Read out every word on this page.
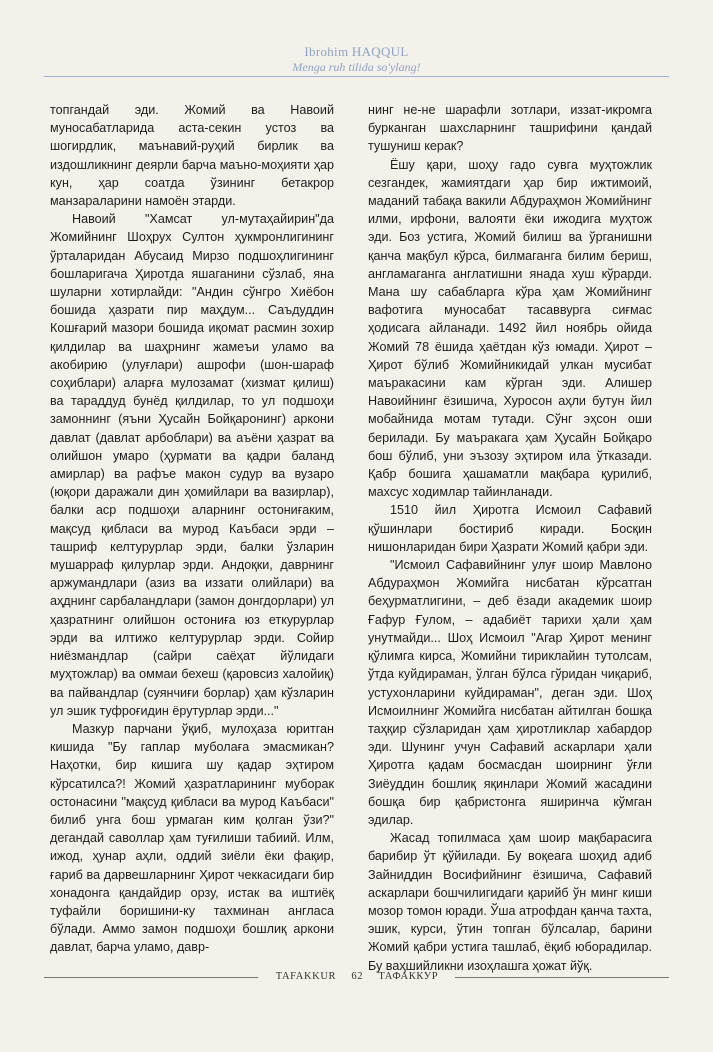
Ibrohim HAQQUL
Menga ruh tilida so'ylang!

топгандай эди. Жомий ва Навоий муносабатларида аста-секин устоз ва шогирдлик, маънавий-руҳий бирлик ва издошликнинг деярли барча маъно-моҳияти ҳар кун, ҳар соатда ўзининг бетакрор манзараларини намоён этарди.

Навоий "Хамсат ул-мутаҳайирин"да Жомийнинг Шоҳрух Султон ҳукмронлигининг ўрталаридан Абусаид Мирзо подшоҳлигининг бошларигача Ҳиротда яшаганини сўзлаб, яна шуларни хотирлайди: "Андин сўнгро Хиёбон бошида ҳазрати пир маҳдум... Саъдуддин Кошғарий мазори бошида иқомат расмин зохир қилдилар ва шаҳрнинг жамеъи уламо ва акобирию (улуғлари) ашрофи (шон-шараф соҳиблари) аларға мулозамат (хизмат қилиш) ва тараддуд бунёд қилдилар, то ул подшоҳи замоннинг (яъни Ҳусайн Бойқаронинг) аркони давлат (давлат арбоблари) ва аъёни ҳазрат ва олийшон умаро (ҳурмати ва қадри баланд амирлар) ва рафъе макон судур ва вузаро (юқори даражали дин ҳомийлари ва вазирлар), балки аср подшоҳи аларнинг остониғаким, мақсуд қибласи ва мурод Каъбаси эрди – ташриф келтурурлар эрди, балки ўзларин мушарраф қилурлар эрди. Андоқки, даврнинг аржумандлари (азиз ва иззати олийлари) ва аҳднинг сарбаландлари (замон донгдорлари) ул ҳазратнинг олийшон остониға юз еткурурлар эрди ва илтижо келтурурлар эрди. Сойир ниёзмандлар (сайри саёҳат йўлидаги муҳтожлар) ва оммаи бехеш (қаровсиз халойиқ) ва пайвандлар (суянчиғи борлар) ҳам кўзларин ул эшик туфроғидин ёрутурлар эрди..."

Мазкур парчани ўқиб, мулоҳаза юритган кишида "Бу гаплар муболаға эмасмикан? Наҳотки, бир кишига шу қадар эҳтиром кўрсатилса?! Жомий ҳазратларининг муборак остонасини "мақсуд қибласи ва мурод Каъбаси" билиб унга бош урмаган ким қолган ўзи?" дегандай саволлар ҳам туғилиши табиий. Илм, ижод, ҳунар аҳли, оддий зиёли ёки фақир, ғариб ва дарвешларнинг Ҳирот чеккасидаги бир хонадонга қандайдир орзу, истак ва иштиёқ туфайли боришини-ку тахминан англаса бўлади. Аммо замон подшоҳи бошлиқ аркони давлат, барча уламо, давр-

нинг не-не шарафли зотлари, иззат-икромга бурканган шахсларнинг ташрифини қандай тушуниш керак?

Ёшу қари, шоҳу гадо сувга муҳтожлик сезгандек, жамиятдаги ҳар бир ижтимоий, маданий табақа вакили Абдураҳмон Жомийнинг илми, ирфони, валояти ёки ижодига муҳтож эди. Боз устига, Жомий билиш ва ўрганишни қанча мақбул кўрса, билмаганга билим бериш, англамаганга англатишни янада хуш кўрарди. Мана шу сабабларга кўра ҳам Жомийнинг вафотига муносабат тасаввурга сиғмас ҳодисага айланади. 1492 йил ноябрь ойида Жомий 78 ёшида ҳаётдан кўз юмади. Ҳирот – Ҳирот бўлиб Жомийникидай улкан мусибат маъракасини кам кўрган эди. Алишер Навоийнинг ёзишича, Хуросон аҳли бутун йил мобайнида мотам тутади. Сўнг эҳсон оши берилади. Бу маъракага ҳам Ҳусайн Бойқаро бош бўлиб, уни эъзозу эҳтиром ила ўтказади. Қабр бошига ҳашаматли мақбара қурилиб, махсус ходимлар тайинланади.

1510 йил Ҳиротга Исмоил Сафавий қўшинлари бостириб киради. Босқин нишонларидан бири Ҳазрати Жомий қабри эди.

"Исмоил Сафавийнинг улуғ шоир Мавлоно Абдураҳмон Жомийга нисбатан кўрсатган беҳурматлигини, – деб ёзади академик шоир Ғафур Ғулом, – адабиёт тарихи ҳали ҳам унутмайди... Шоҳ Исмоил "Агар Ҳирот менинг қўлимга кирса, Жомийни тириклайин тутолсам, ўтда куйдираман, ўлган бўлса гўридан чиқариб, устухонларини куйдираман", деган эди. Шоҳ Исмоилнинг Жомийга нисбатан айтилган бошқа таҳқир сўзларидан ҳам ҳиротликлар хабардор эди. Шунинг учун Сафавий аскарлари ҳали Ҳиротга қадам босмасдан шоирнинг ўғли Зиёуддин бошлиқ яқинлари Жомий жасадини бошқа бир қабристонга яширинча кўмган эдилар.

Жасад топилмаса ҳам шоир мақбарасига барибир ўт қўйилади. Бу воқеага шоҳид адиб Зайниддин Восифийнинг ёзишича, Сафавий аскарлари бошчилигидаги қарийб ўн минг киши мозор томон юради. Ўша атрофдан қанча тахта, эшик, курси, ўтин топган бўлсалар, барини Жомий қабри устига ташлаб, ёқиб юборадилар. Бу ваҳшийликни изоҳлашга ҳожат йўқ.

TAFAKKUR 62 ТАФАККУР
